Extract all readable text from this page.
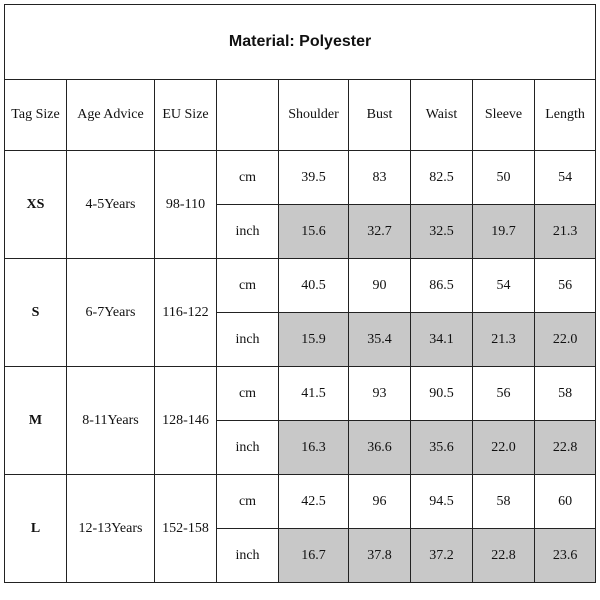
Material: Polyester								
Tag Size	Age Advice	EU Size		Shoulder	Bust	Waist	Sleeve	Length
XS	4-5Years	98-110	cm	39.5	83	82.5	50	54
			inch	15.6	32.7	32.5	19.7	21.3
S	6-7Years	116-122	cm	40.5	90	86.5	54	56
			inch	15.9	35.4	34.1	21.3	22.0
M	8-11Years	128-146	cm	41.5	93	90.5	56	58
			inch	16.3	36.6	35.6	22.0	22.8
L	12-13Years	152-158	cm	42.5	96	94.5	58	60
			inch	16.7	37.8	37.2	22.8	23.6
